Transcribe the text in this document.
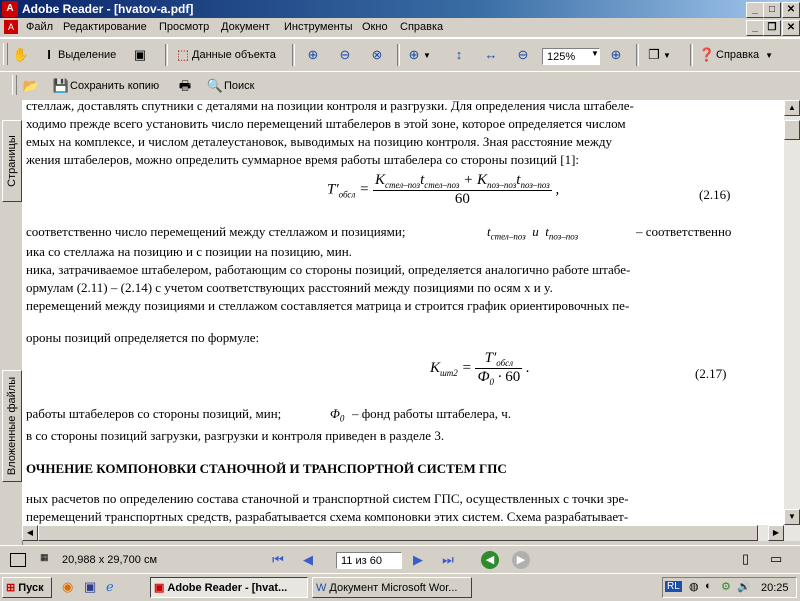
A Adobe Reader - [hvatov-a.pdf]	_	□	✕
A	Файл Редактирование Просмотр Документ Инструменты Окно Справка	_ ❐	✕
✋	I Выделение ▣ ⬚ Данные объекта ⊕ ⊖ ⊗ ⊕ ▼	↕	↔ ⊖	125%	▼ ⊕ ❐ ▼ ❓ Справка ▼
📂 💾 Сохранить копию 🖶 🔍 Поиск
Страницы
Вложенные файлы
стеллаж, доставлять спутники с деталями на позиции контроля и разгрузки. Для определения числа штабеле-
ходимо прежде всего установить число перемещений штабелеров в этой зоне, которое определяется числом
емых на комплексе, и числом деталеустановок, выводимых на позицию контроля. Зная расстояние между
жения штабелеров, можно определить суммарное время работы штабелера со стороны позиций [1]:
$T'_{обсл} = \frac{K_{стел-поз}t_{стел-поз} + K_{поз-поз}t_{поз-поз}}{60}$ ,	(2.16)
соответственно число перемещений между стеллажом и позициями;	$t_{стел-поз}$  и  $t_{поз-поз}$	– соответственно
ика со стеллажа на позицию и с позиции на позицию, мин.
ника, затрачиваемое штабелером, работающим со стороны позиций, определяется аналогично работе штабе-
ормулам (2.11) – (2.14) с учетом соответствующих расстояний между позициями по осям x и y.
перемещений между позициями и стеллажом составляется матрица и строится график ориентировочных пе-
ороны позиций определяется по формуле:
$K_{шт2} = \frac{T'_{обсл}}{Ф_0 \cdot 60}$ .	(2.17)
работы штабелеров со стороны позиций, мин;	$\Phi_0$ – фонд работы штабелера, ч.
в со стороны позиций загрузки, разгрузки и контроля приведен в разделе 3.
ОЧНЕНИЕ КОМПОНОВКИ СТАНОЧНОЙ И ТРАНСПОРТНОЙ СИСТЕМ ГПС
ных расчетов по определению состава станочной и транспортной систем ГПС, осуществленных с точки зре-
перемещений транспортных средств, разрабатывается схема компоновки этих систем. Схема разрабатывает-
▲
▼
◀	▶
▦ 20,988 x 29,700 см	⏮	◀	11 из 60	▶	⏭	◀	▶	▯ ▭
⊞ Пуск ◉ ▣ ℯ	▣ Adobe Reader - [hvat...	W Документ Microsoft Wor...	RL ◍ ◐ ⚙ 🔊 20:25
